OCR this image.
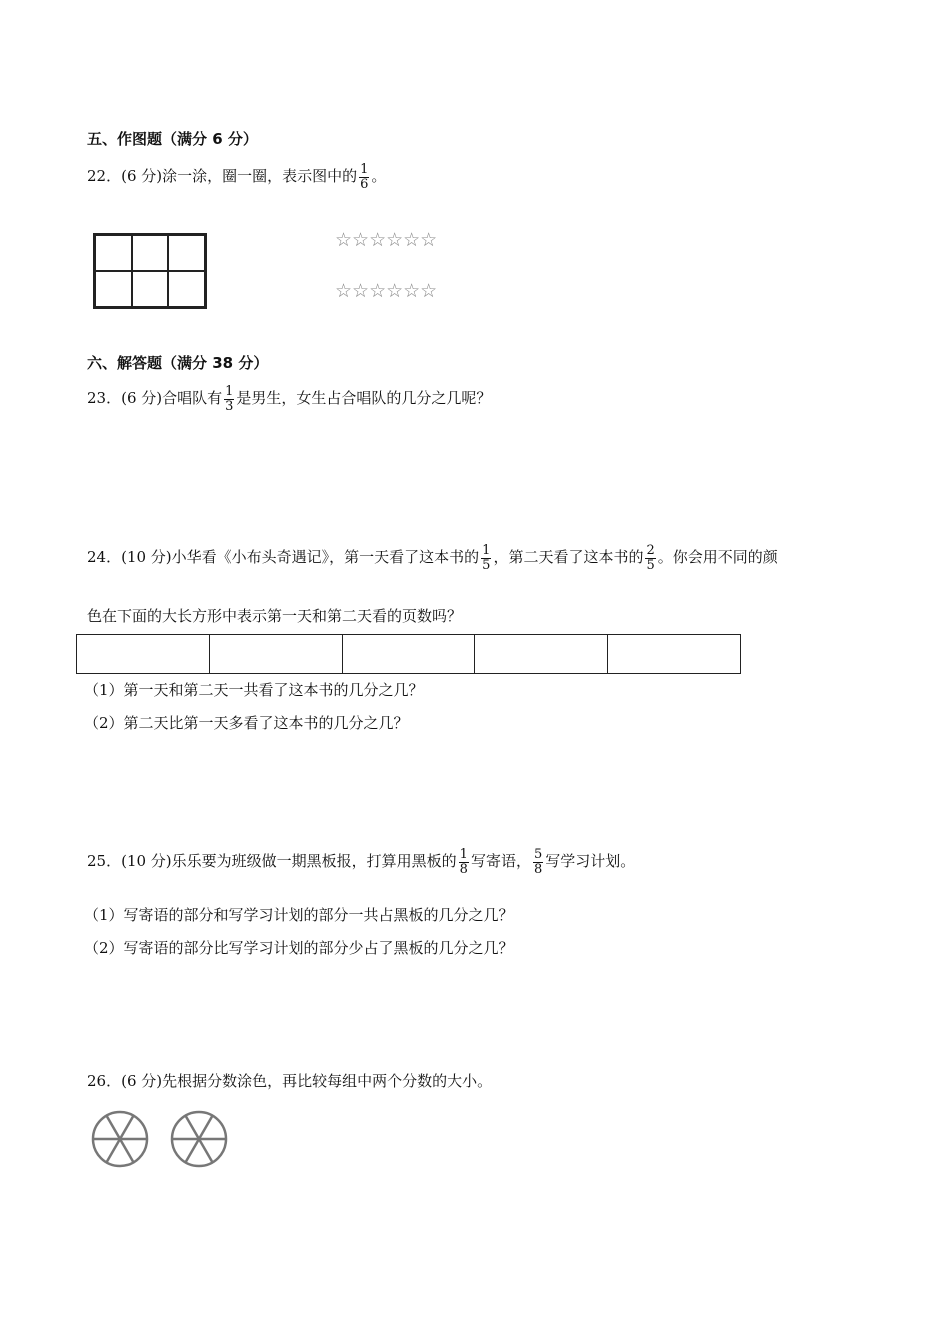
五、作图题（满分 6 分）
22．(6 分)涂一涂，圈一圈，表示图中的 $\frac{1}{6}$ 。
☆☆☆☆☆☆
☆☆☆☆☆☆
六、解答题（满分 38 分）
23．(6 分)合唱队有 $\frac{1}{3}$ 是男生，女生占合唱队的几分之几呢？
24．(10 分)小华看《小布头奇遇记》，第一天看了这本书的 $\frac{1}{5}$ ，第二天看了这本书的 $\frac{2}{5}$ 。你会用不同的颜
色在下面的大长方形中表示第一天和第二天看的页数吗？
（1）第一天和第二天一共看了这本书的几分之几？
（2）第二天比第一天多看了这本书的几分之几？
25．(10 分)乐乐要为班级做一期黑板报，打算用黑板的 $\frac{1}{8}$ 写寄语， $\frac{5}{8}$ 写学习计划。
（1）写寄语的部分和写学习计划的部分一共占黑板的几分之几？
（2）写寄语的部分比写学习计划的部分少占了黑板的几分之几？
26．(6 分)先根据分数涂色，再比较每组中两个分数的大小。
